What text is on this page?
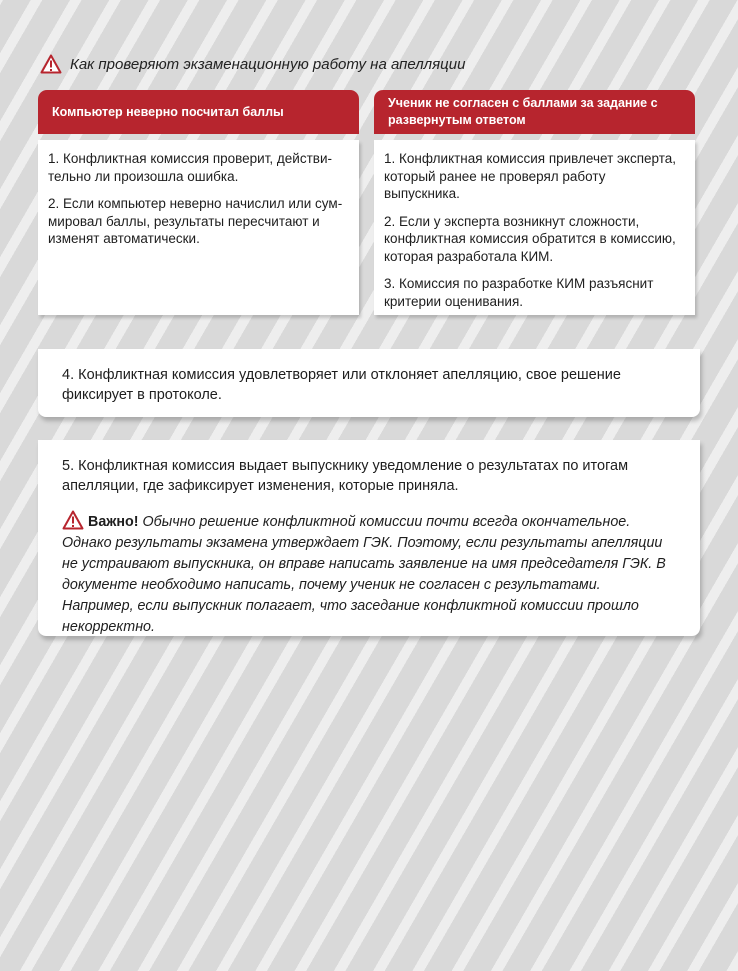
Как проверяют экзаменационную работу на апелляции
Компьютер неверно посчитал баллы

1. Конфликтная комиссия проверит, действительно ли произошла ошибка.

2. Если компьютер неверно начислил или суммировал баллы, результаты пересчитают и изменят автоматически.

Ученик не согласен с баллами за задание с развернутым ответом

1. Конфликтная комиссия привлечет эксперта, который ранее не проверял работу выпускника.

2. Если у эксперта возникнут сложности, конфликтная комиссия обратится в комиссию, которая разработала КИМ.

3. Комиссия по разработке КИМ разъяснит критерии оценивания.

4. Конфликтная комиссия удовлетворяет или отклоняет апелляцию, свое решение фиксирует в протоколе.

5. Конфликтная комиссия выдает выпускнику уведомление о результатах по итогам апелляции, где зафиксирует изменения, которые приняла.

Важно! Обычно решение конфликтной комиссии почти всегда окончательное. Однако результаты экзамена утверждает ГЭК. Поэтому, если результаты апелляции не устраивают выпускника, он вправе написать заявление на имя председателя ГЭК. В документе необходимо написать, почему ученик не согласен с результатами. Например, если выпускник полагает, что заседание конфликтной комиссии прошло некорректно.
